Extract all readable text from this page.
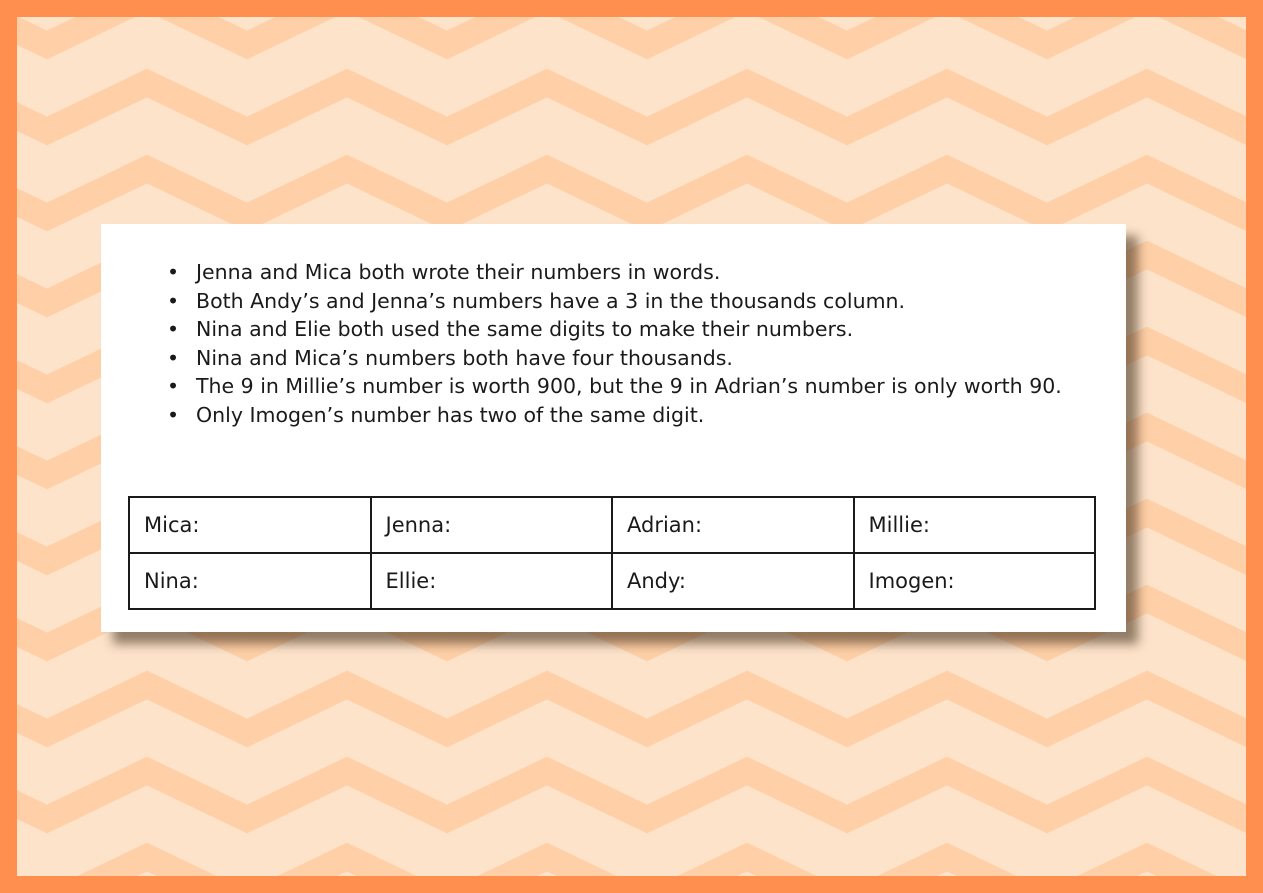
• Jenna and Mica both wrote their numbers in words.
• Both Andy’s and Jenna’s numbers have a 3 in the thousands column.
• Nina and Elie both used the same digits to make their numbers.
• Nina and Mica’s numbers both have four thousands.
• The 9 in Millie’s number is worth 900, but the 9 in Adrian’s number is only worth 90.
• Only Imogen’s number has two of the same digit.
Mica:	Jenna:	Adrian:	Millie:
Nina:	Ellie:	Andy:	Imogen:
